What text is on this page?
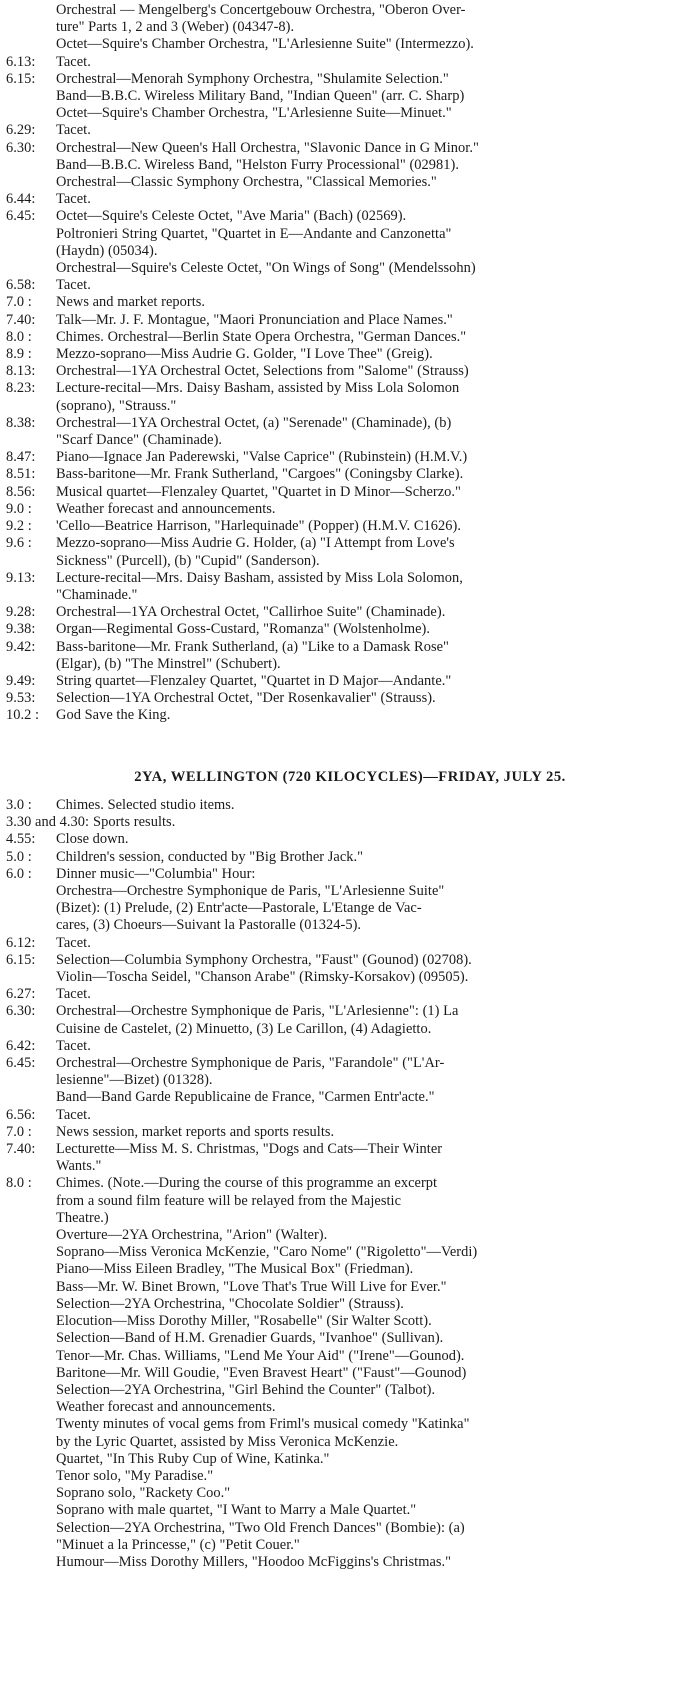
Orchestral — Mengelberg's Concertgebouw Orchestra, "Oberon Over-
ture" Parts 1, 2 and 3 (Weber) (04347-8).
Octet—Squire's Chamber Orchestra, "L'Arlesienne Suite" (Intermezzo).
6.13:	Tacet.
6.15:	Orchestral—Menorah Symphony Orchestra, "Shulamite Selection."
Band—B.B.C. Wireless Military Band, "Indian Queen" (arr. C. Sharp)
Octet—Squire's Chamber Orchestra, "L'Arlesienne Suite—Minuet."
6.29:	Tacet.
6.30:	Orchestral—New Queen's Hall Orchestra, "Slavonic Dance in G Minor."
Band—B.B.C. Wireless Band, "Helston Furry Processional" (02981).
Orchestral—Classic Symphony Orchestra, "Classical Memories."
6.44:	Tacet.
6.45:	Octet—Squire's Celeste Octet, "Ave Maria" (Bach) (02569).
Poltronieri String Quartet, "Quartet in E—Andante and Canzonetta"
(Haydn) (05034).
Orchestral—Squire's Celeste Octet, "On Wings of Song" (Mendelssohn)
6.58:	Tacet.
7.0 :	News and market reports.
7.40:	Talk—Mr. J. F. Montague, "Maori Pronunciation and Place Names."
8.0 :	Chimes. Orchestral—Berlin State Opera Orchestra, "German Dances."
8.9 :	Mezzo-soprano—Miss Audrie G. Golder, "I Love Thee" (Greig).
8.13:	Orchestral—1YA Orchestral Octet, Selections from "Salome" (Strauss)
8.23:	Lecture-recital—Mrs. Daisy Basham, assisted by Miss Lola Solomon
(soprano), "Strauss."
8.38:	Orchestral—1YA Orchestral Octet, (a) "Serenade" (Chaminade), (b)
"Scarf Dance" (Chaminade).
8.47:	Piano—Ignace Jan Paderewski, "Valse Caprice" (Rubinstein) (H.M.V.)
8.51:	Bass-baritone—Mr. Frank Sutherland, "Cargoes" (Coningsby Clarke).
8.56:	Musical quartet—Flenzaley Quartet, "Quartet in D Minor—Scherzo."
9.0 :	Weather forecast and announcements.
9.2 :	'Cello—Beatrice Harrison, "Harlequinade" (Popper) (H.M.V. C1626).
9.6 :	Mezzo-soprano—Miss Audrie G. Holder, (a) "I Attempt from Love's
Sickness" (Purcell), (b) "Cupid" (Sanderson).
9.13:	Lecture-recital—Mrs. Daisy Basham, assisted by Miss Lola Solomon,
"Chaminade."
9.28:	Orchestral—1YA Orchestral Octet, "Callirhoe Suite" (Chaminade).
9.38:	Organ—Regimental Goss-Custard, "Romanza" (Wolstenholme).
9.42:	Bass-baritone—Mr. Frank Sutherland, (a) "Like to a Damask Rose"
(Elgar), (b) "The Minstrel" (Schubert).
9.49:	String quartet—Flenzaley Quartet, "Quartet in D Major—Andante."
9.53:	Selection—1YA Orchestral Octet, "Der Rosenkavalier" (Strauss).
10.2 :	God Save the King.
2YA, WELLINGTON (720 KILOCYCLES)—FRIDAY, JULY 25.
3.0 :	Chimes. Selected studio items.
3.30 and 4.30: Sports results.
4.55:	Close down.
5.0 :	Children's session, conducted by "Big Brother Jack."
6.0 :	Dinner music—"Columbia" Hour:
Orchestra—Orchestre Symphonique de Paris, "L'Arlesienne Suite"
(Bizet): (1) Prelude, (2) Entr'acte—Pastorale, L'Etange de Vac-
cares, (3) Choeurs—Suivant la Pastoralle (01324-5).
6.12:	Tacet.
6.15:	Selection—Columbia Symphony Orchestra, "Faust" (Gounod) (02708).
Violin—Toscha Seidel, "Chanson Arabe" (Rimsky-Korsakov) (09505).
6.27:	Tacet.
6.30:	Orchestral—Orchestre Symphonique de Paris, "L'Arlesienne": (1) La
Cuisine de Castelet, (2) Minuetto, (3) Le Carillon, (4) Adagietto.
6.42:	Tacet.
6.45:	Orchestral—Orchestre Symphonique de Paris, "Farandole" ("L'Ar-
lesienne"—Bizet) (01328).
Band—Band Garde Republicaine de France, "Carmen Entr'acte."
6.56:	Tacet.
7.0 :	News session, market reports and sports results.
7.40:	Lecturette—Miss M. S. Christmas, "Dogs and Cats—Their Winter
Wants."
8.0 :	Chimes. (Note.—During the course of this programme an excerpt
from a sound film feature will be relayed from the Majestic
Theatre.)
Overture—2YA Orchestrina, "Arion" (Walter).
Soprano—Miss Veronica McKenzie, "Caro Nome" ("Rigoletto"—Verdi)
Piano—Miss Eileen Bradley, "The Musical Box" (Friedman).
Bass—Mr. W. Binet Brown, "Love That's True Will Live for Ever."
Selection—2YA Orchestrina, "Chocolate Soldier" (Strauss).
Elocution—Miss Dorothy Miller, "Rosabelle" (Sir Walter Scott).
Selection—Band of H.M. Grenadier Guards, "Ivanhoe" (Sullivan).
Tenor—Mr. Chas. Williams, "Lend Me Your Aid" ("Irene"—Gounod).
Baritone—Mr. Will Goudie, "Even Bravest Heart" ("Faust"—Gounod)
Selection—2YA Orchestrina, "Girl Behind the Counter" (Talbot).
Weather forecast and announcements.
Twenty minutes of vocal gems from Friml's musical comedy "Katinka"
by the Lyric Quartet, assisted by Miss Veronica McKenzie.
Quartet, "In This Ruby Cup of Wine, Katinka."
Tenor solo, "My Paradise."
Soprano solo, "Rackety Coo."
Soprano with male quartet, "I Want to Marry a Male Quartet."
Selection—2YA Orchestrina, "Two Old French Dances" (Bombie): (a)
"Minuet a la Princesse," (c) "Petit Couer."
Humour—Miss Dorothy Millers, "Hoodoo McFiggins's Christmas."
